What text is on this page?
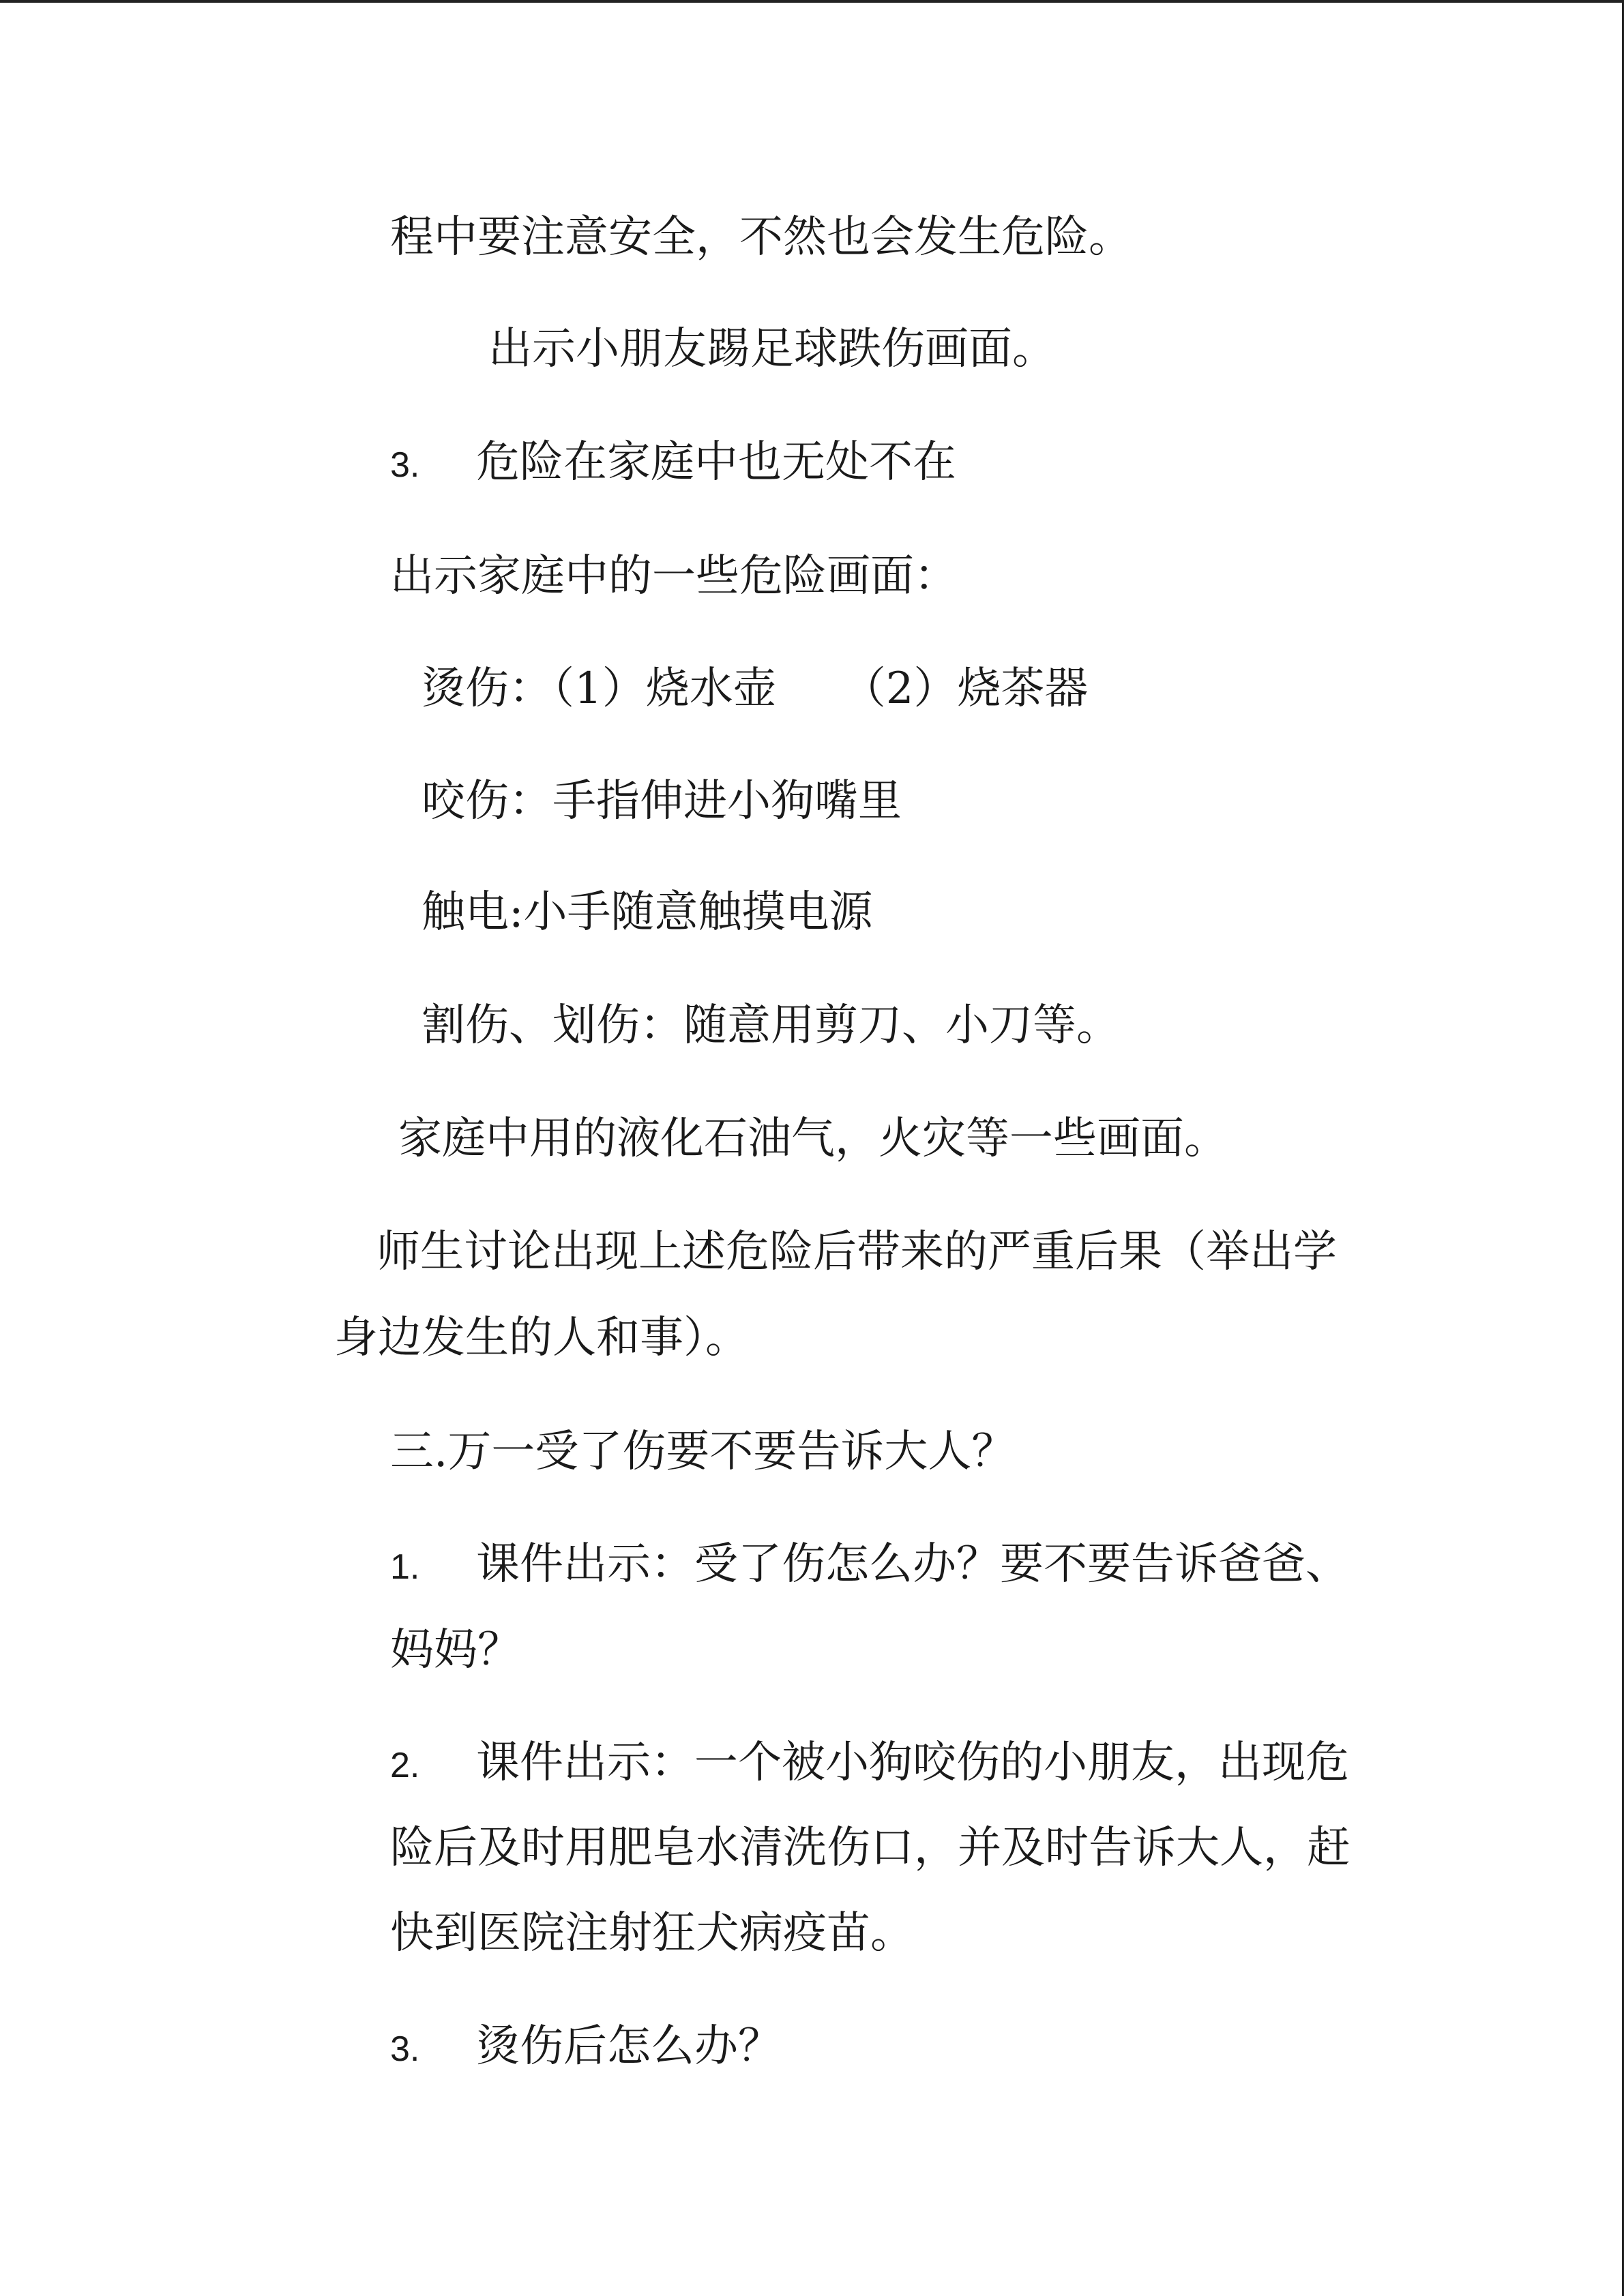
程中要注意安全，不然也会发生危险。
出示小朋友踢足球跌伤画面。
3. 危险在家庭中也无处不在
出示家庭中的一些危险画面：
烫伤：（1）烧水壶　　（2）烧茶器
咬伤：手指伸进小狗嘴里
触电:小手随意触摸电源
割伤、划伤：随意用剪刀、小刀等。
家庭中用的液化石油气，火灾等一些画面。
师生讨论出现上述危险后带来的严重后果（举出学
身边发生的人和事）。
三.万一受了伤要不要告诉大人？
1. 课件出示：受了伤怎么办？要不要告诉爸爸、
妈妈？
2. 课件出示：一个被小狗咬伤的小朋友，出现危
险后及时用肥皂水清洗伤口，并及时告诉大人，赶
快到医院注射狂犬病疫苗。
3. 烫伤后怎么办？
